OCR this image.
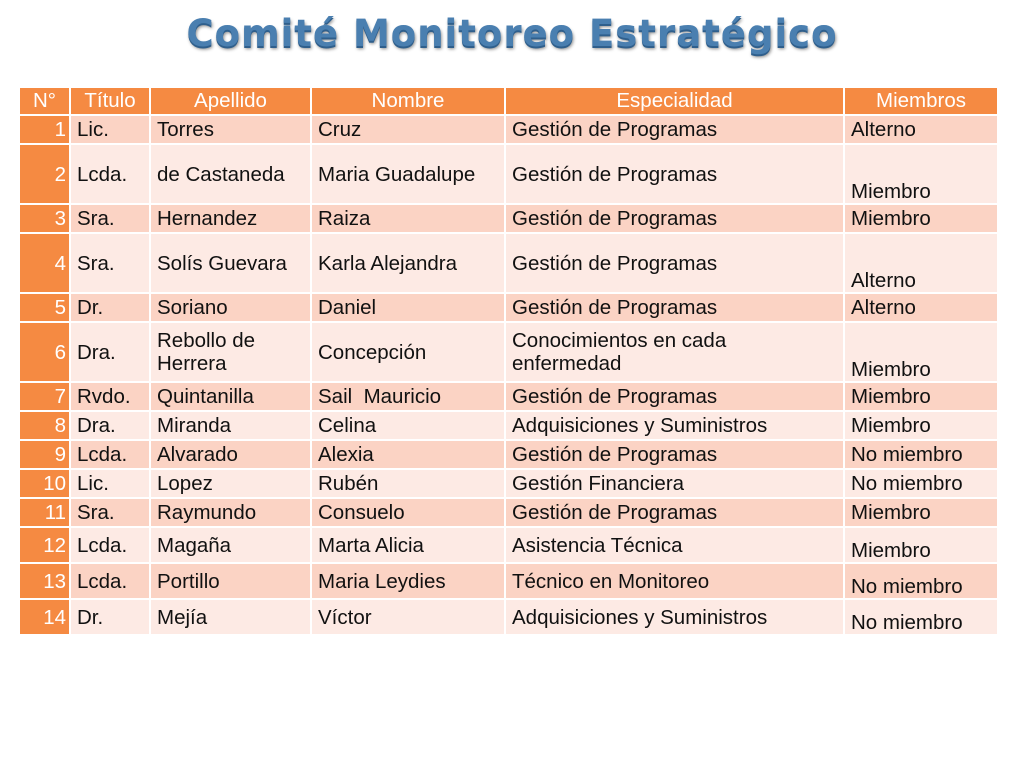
Comité Monitoreo Estratégico
N°	Título	Apellido	Nombre	Especialidad	Miembros
1	Lic.	Torres	Cruz	Gestión de Programas	Alterno
2	Lcda.	de Castaneda	Maria Guadalupe	Gestión de Programas	Miembro
3	Sra.	Hernandez	Raiza	Gestión de Programas	Miembro
4	Sra.	Solís Guevara	Karla Alejandra	Gestión de Programas	Alterno
5	Dr.	Soriano	Daniel	Gestión de Programas	Alterno
6	Dra.	Rebollo de Herrera	Concepción	Conocimientos en cada enfermedad	Miembro
7	Rvdo.	Quintanilla	Sail  Mauricio	Gestión de Programas	Miembro
8	Dra.	Miranda	Celina	Adquisiciones y Suministros	Miembro
9	Lcda.	Alvarado	Alexia	Gestión de Programas	No miembro
10	Lic.	Lopez	Rubén	Gestión Financiera	No miembro
11	Sra.	Raymundo	Consuelo	Gestión de Programas	Miembro
12	Lcda.	Magaña	Marta Alicia	Asistencia Técnica	Miembro
13	Lcda.	Portillo	Maria Leydies	Técnico en Monitoreo	No miembro
14	Dr.	Mejía	Víctor	Adquisiciones y Suministros	No miembro
